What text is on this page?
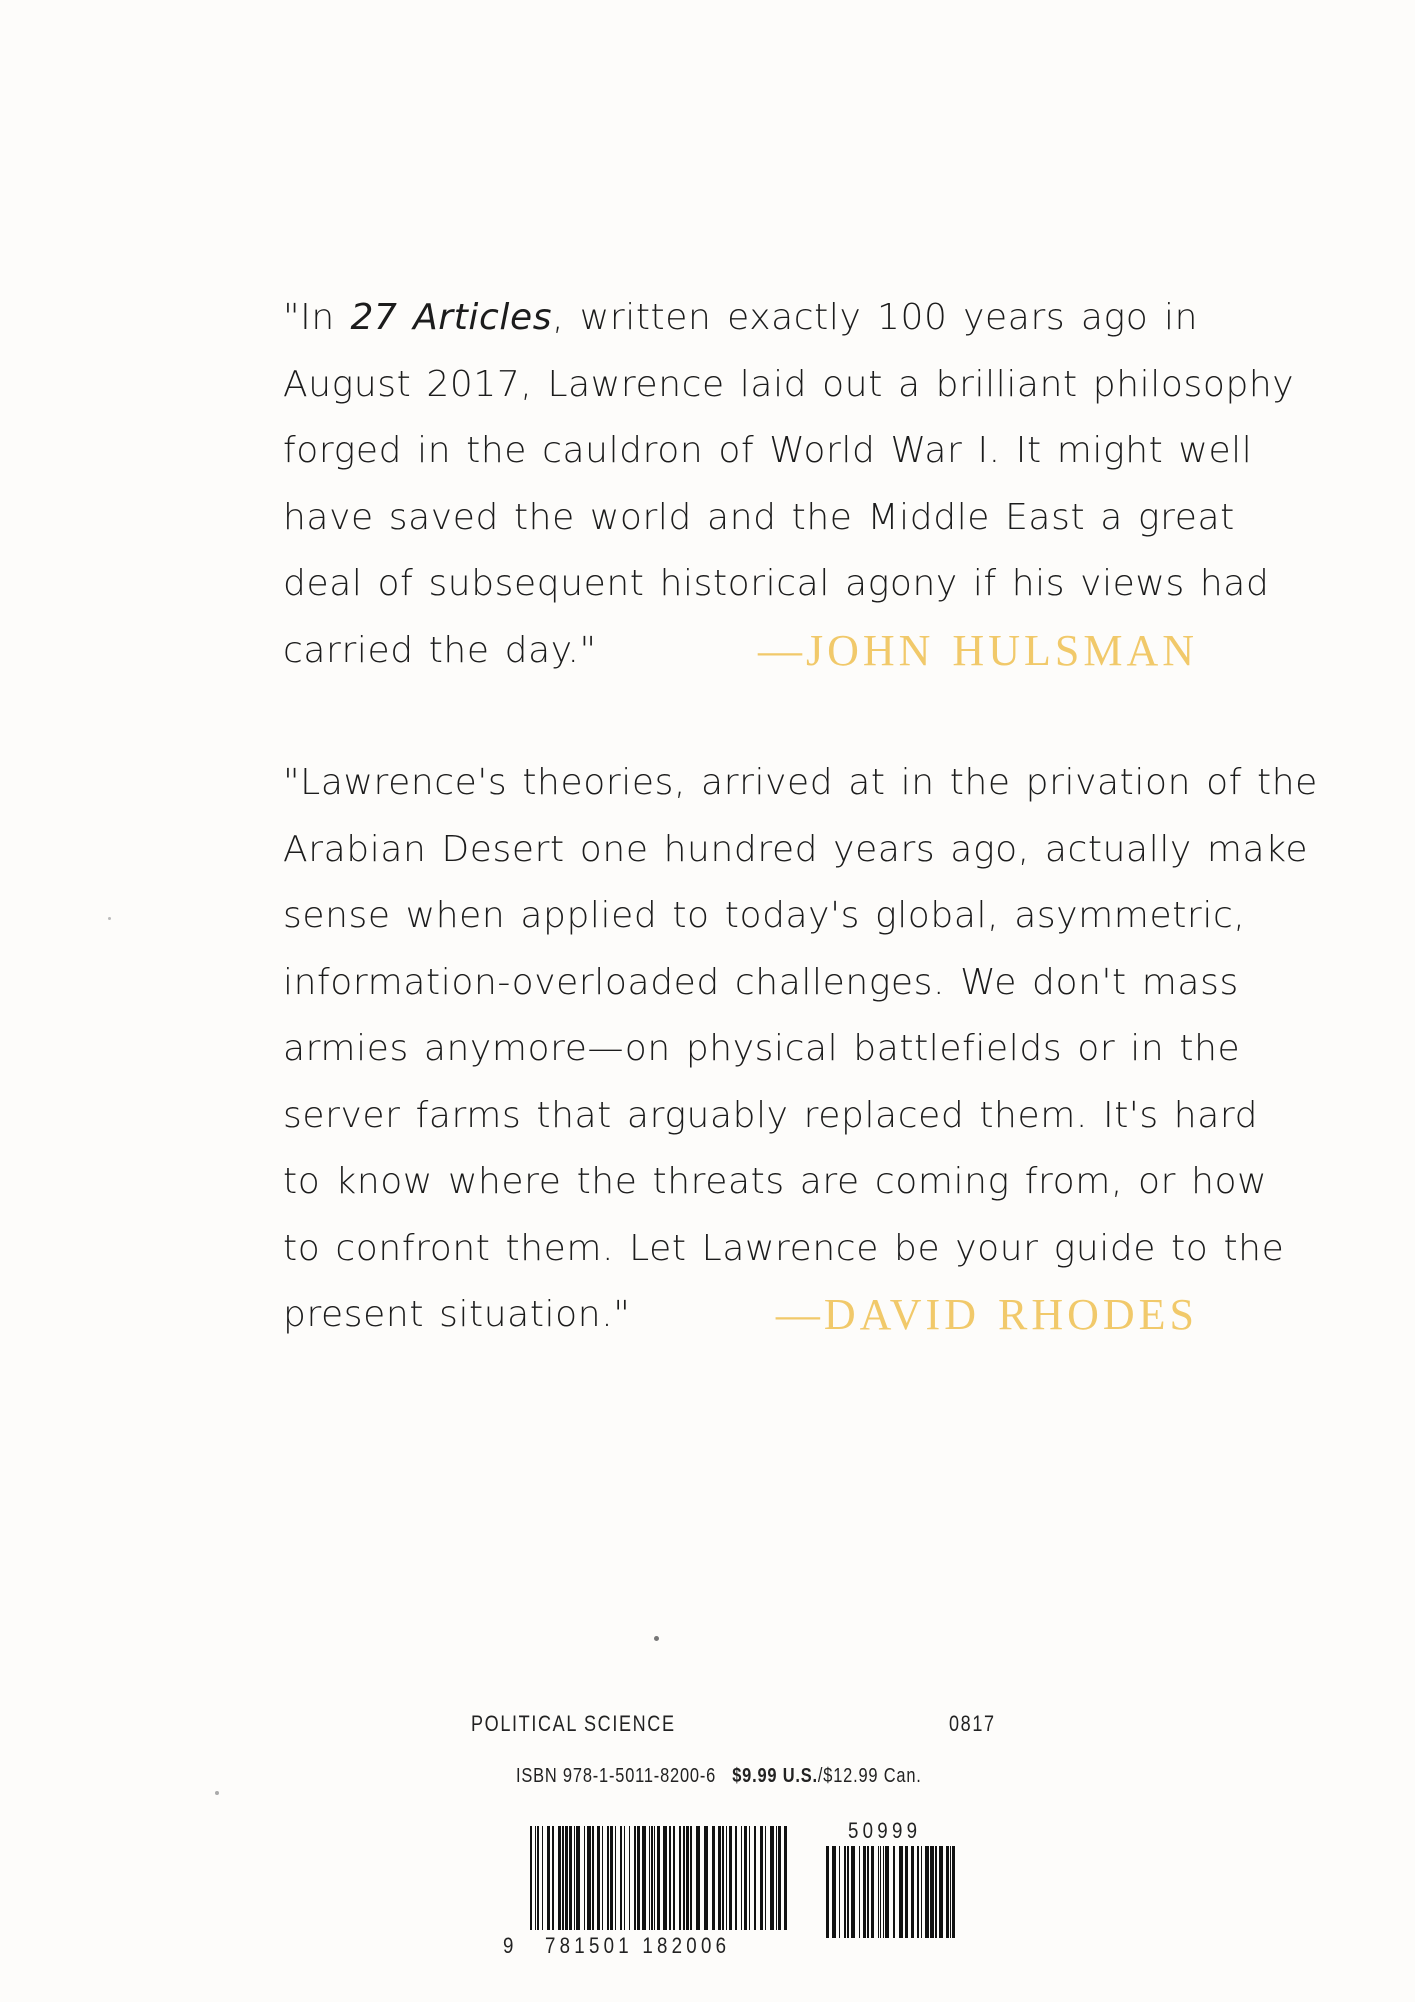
"In 27 Articles, written exactly 100 years ago in
August 2017, Lawrence laid out a brilliant philosophy
forged in the cauldron of World War I. It might well
have saved the world and the Middle East a great
deal of subsequent historical agony if his views had
carried the day."	—JOHN HULSMAN
"Lawrence's theories, arrived at in the privation of the
Arabian Desert one hundred years ago, actually make
sense when applied to today's global, asymmetric,
information-overloaded challenges. We don't mass
armies anymore—on physical battlefields or in the
server farms that arguably replaced them. It's hard
to know where the threats are coming from, or how
to confront them. Let Lawrence be your guide to the
present situation."	—DAVID RHODES
POLITICAL SCIENCE	0817
ISBN 978-1-5011-8200-6 $9.99 U.S./$12.99 Can.
9 781501 182006
50999
